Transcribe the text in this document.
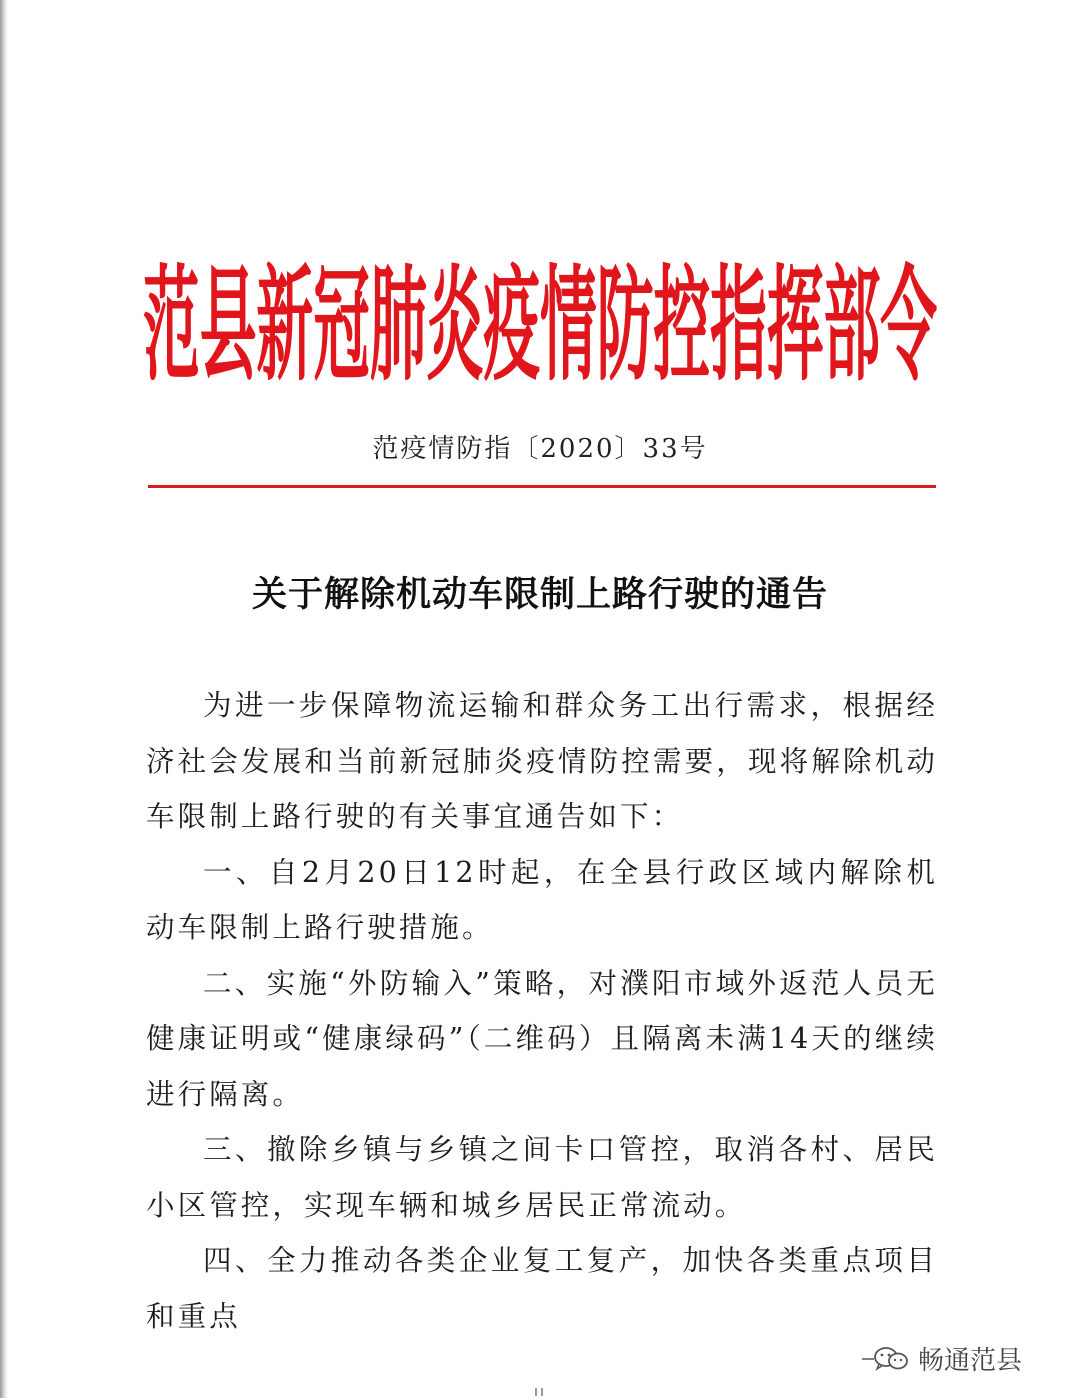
范县新冠肺炎疫情防控指挥部令
范疫情防指〔2020〕33号
关于解除机动车限制上路行驶的通告

为进一步保障物流运输和群众务工出行需求，根据经济社会发展和当前新冠肺炎疫情防控需要，现将解除机动车限制上路行驶的有关事宜通告如下：

一、自2月20日12时起，在全县行政区域内解除机动车限制上路行驶措施。

二、实施“外防输入”策略，对濮阳市域外返范人员无健康证明或“健康绿码”（二维码）且隔离未满14天的继续进行隔离。

三、撤除乡镇与乡镇之间卡口管控，取消各村、居民小区管控，实现车辆和城乡居民正常流动。

四、全力推动各类企业复工复产，加快各类重点项目和重点

畅通范县
